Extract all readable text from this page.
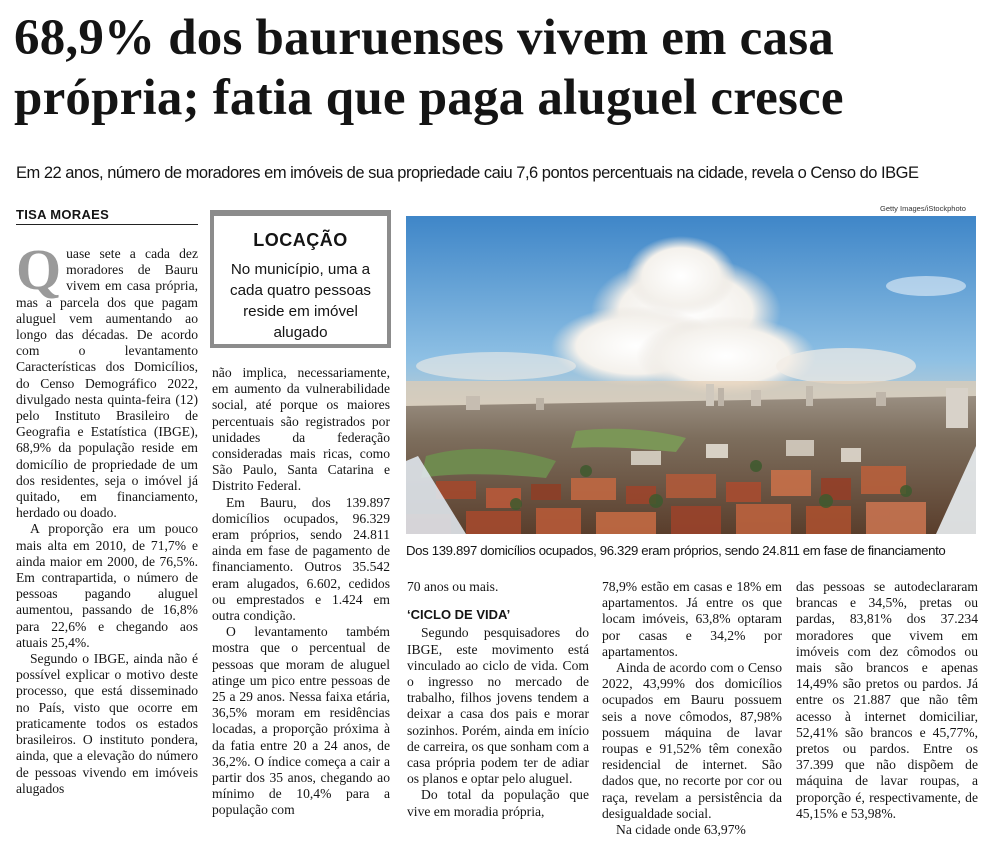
68,9% dos bauruenses vivem em casa
própria; fatia que paga aluguel cresce
Em 22 anos, número de moradores em imóveis de sua propriedade caiu 7,6 pontos percentuais na cidade, revela o Censo do IBGE
TISA MORAES

Quase sete a cada dez moradores de Bauru vivem em casa própria, mas a parcela dos que pagam aluguel vem aumentando ao longo das décadas. De acordo com o levantamento Características dos Domicílios, do Censo Demográfico 2022, divulgado nesta quinta-feira (12) pelo Instituto Brasileiro de Geografia e Estatística (IBGE), 68,9% da população reside em domicílio de propriedade de um dos residentes, seja o imóvel já quitado, em financiamento, herdado ou doado.

A proporção era um pouco mais alta em 2010, de 71,7% e ainda maior em 2000, de 76,5%. Em contrapartida, o número de pessoas pagando aluguel aumentou, passando de 16,8% para 22,6% e chegando aos atuais 25,4%.

Segundo o IBGE, ainda não é possível explicar o motivo deste processo, que está disseminado no País, visto que ocorre em praticamente todos os estados brasileiros. O instituto pondera, ainda, que a elevação do número de pessoas vivendo em imóveis alugados

LOCAÇÃO
No município, uma a cada quatro pessoas reside em imóvel alugado

não implica, necessariamente, em aumento da vulnerabilidade social, até porque os maiores percentuais são registrados por unidades da federação consideradas mais ricas, como São Paulo, Santa Catarina e Distrito Federal.

Em Bauru, dos 139.897 domicílios ocupados, 96.329 eram próprios, sendo 24.811 ainda em fase de pagamento de financiamento. Outros 35.542 eram alugados, 6.602, cedidos ou emprestados e 1.424 em outra condição.

O levantamento também mostra que o percentual de pessoas que moram de aluguel atinge um pico entre pessoas de 25 a 29 anos. Nessa faixa etária, 36,5% moram em residências locadas, a proporção próxima à da fatia entre 20 a 24 anos, de 36,2%. O índice começa a cair a partir dos 35 anos, chegando ao mínimo de 10,4% para a população com

Getty Images/iStockphoto
Dos 139.897 domicílios ocupados, 96.329 eram próprios, sendo 24.811 em fase de financiamento

70 anos ou mais.

‘CICLO DE VIDA’

Segundo pesquisadores do IBGE, este movimento está vinculado ao ciclo de vida. Com o ingresso no mercado de trabalho, filhos jovens tendem a deixar a casa dos pais e morar sozinhos. Porém, ainda em início de carreira, os que sonham com a casa própria podem ter de adiar os planos e optar pelo aluguel.

Do total da população que vive em moradia própria,

78,9% estão em casas e 18% em apartamentos. Já entre os que locam imóveis, 63,8% optaram por casas e 34,2% por apartamentos.

Ainda de acordo com o Censo 2022, 43,99% dos domicílios ocupados em Bauru possuem seis a nove cômodos, 87,98% possuem máquina de lavar roupas e 91,52% têm conexão residencial de internet. São dados que, no recorte por cor ou raça, revelam a persistência da desigualdade social.

Na cidade onde 63,97%

das pessoas se autodeclararam brancas e 34,5%, pretas ou pardas, 83,81% dos 37.234 moradores que vivem em imóveis com dez cômodos ou mais são brancos e apenas 14,49% são pretos ou pardos. Já entre os 21.887 que não têm acesso à internet domiciliar, 52,41% são brancos e 45,77%, pretos ou pardos. Entre os 37.399 que não dispõem de máquina de lavar roupas, a proporção é, respectivamente, de 45,15% e 53,98%.
